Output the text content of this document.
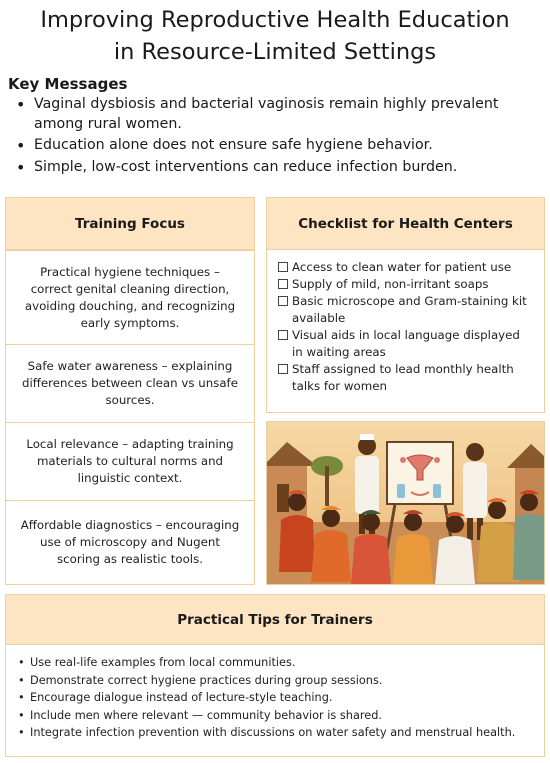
Improving Reproductive Health Education
in Resource-Limited Settings
Key Messages
• Vaginal dysbiosis and bacterial vaginosis remain highly prevalent among rural women.
• Education alone does not ensure safe hygiene behavior.
• Simple, low-cost interventions can reduce infection burden.
Training Focus
Practical hygiene techniques – correct genital cleaning direction, avoiding douching, and recognizing early symptoms.
Safe water awareness – explaining differences between clean vs unsafe sources.
Local relevance – adapting training materials to cultural norms and linguistic context.
Affordable diagnostics – encouraging use of microscopy and Nugent scoring as realistic tools.
Checklist for Health Centers
Access to clean water for patient use
Supply of mild, non-irritant soaps
Basic microscope and Gram-staining kit available
Visual aids in local language displayed in waiting areas
Staff assigned to lead monthly health talks for women
Practical Tips for Trainers
• Use real-life examples from local communities.
• Demonstrate correct hygiene practices during group sessions.
• Encourage dialogue instead of lecture-style teaching.
• Include men where relevant — community behavior is shared.
• Integrate infection prevention with discussions on water safety and menstrual health.
